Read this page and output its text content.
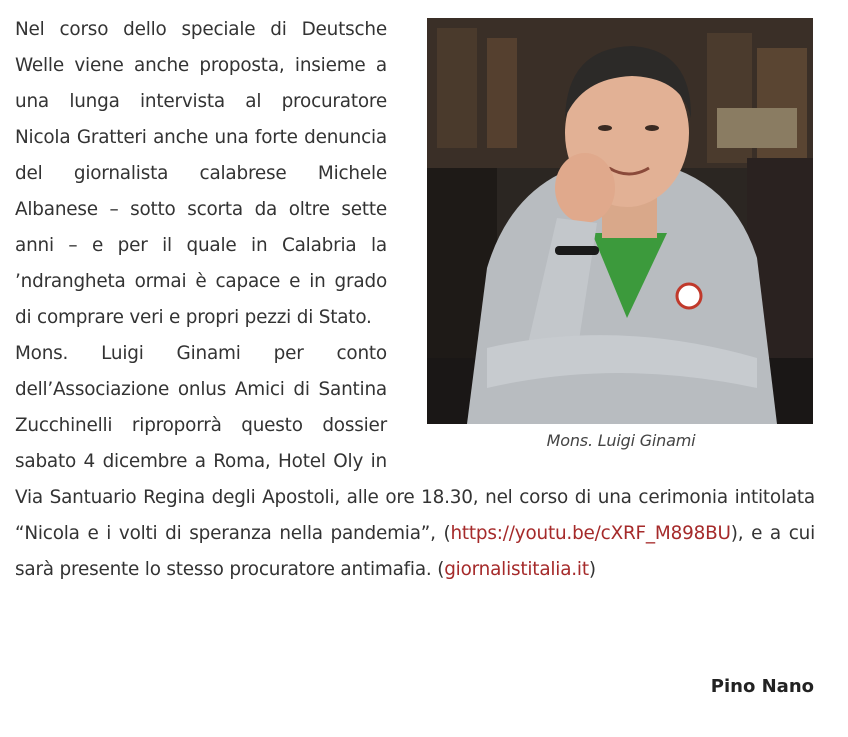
Mons. Luigi Ginami

Nel corso dello speciale di Deutsche Welle viene anche proposta, insieme a una lunga intervista al procuratore Nicola Gratteri anche una forte denuncia del giornalista calabrese Michele Albanese – sotto scorta da oltre sette anni – e per il quale in Calabria la ’ndrangheta ormai è capace e in grado di comprare veri e propri pezzi di Stato.

Mons. Luigi Ginami per conto dell’Associazione onlus Amici di Santina Zucchinelli riproporrà questo dossier sabato 4 dicembre a Roma, Hotel Oly in Via Santuario Regina degli Apostoli, alle ore 18.30, nel corso di una cerimonia intitolata “Nicola e i volti di speranza nella pandemia”, (https://youtu.be/cXRF_M898BU), e a cui sarà presente lo stesso procuratore antimafia. (giornalistitalia.it)

Pino Nano
